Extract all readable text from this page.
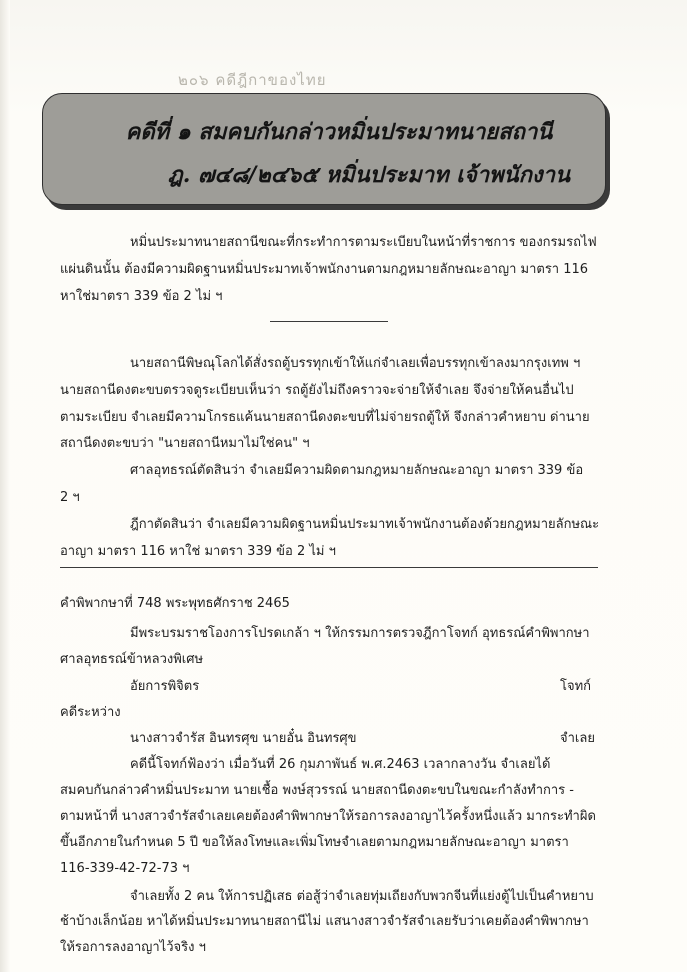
๒๐๖ คดีฎีกาของไทย
คดีที่ ๑ สมคบกันกล่าวหมิ่นประมาทนายสถานี
ฎ. ๗๔๘/๒๔๖๕ หมิ่นประมาท เจ้าพนักงาน
หมิ่นประมาทนายสถานีขณะที่กระทำการตามระเบียบในหน้าที่ราชการ ของกรมรถไฟ
แผ่นดินนั้น ต้องมีความผิดฐานหมิ่นประมาทเจ้าพนักงานตามกฎหมายลักษณะอาญา มาตรา 116
หาใช่มาตรา 339 ข้อ 2 ไม่ ฯ
นายสถานีพิษณุโลกได้สั่งรถตู้บรรทุกเข้าให้แก่จำเลยเพื่อบรรทุกเข้าลงมากรุงเทพ ฯ
นายสถานีดงตะขบตรวจดูระเบียบเห็นว่า รถตู้ยังไม่ถึงคราวจะจ่ายให้จำเลย จึงจ่ายให้คนอื่นไป
ตามระเบียบ จำเลยมีความโกรธแค้นนายสถานีดงตะขบที่ไม่จ่ายรถตู้ให้ จึงกล่าวคำหยาบ ด่านาย
สถานีดงตะขบว่า "นายสถานีหมาไม่ใช่คน" ฯ
ศาลอุทธรณ์ตัดสินว่า จำเลยมีความผิดตามกฎหมายลักษณะอาญา มาตรา 339 ข้อ
2 ฯ
ฎีกาตัดสินว่า จำเลยมีความผิดฐานหมิ่นประมาทเจ้าพนักงานต้องด้วยกฎหมายลักษณะ
อาญา มาตรา 116 หาใช่ มาตรา 339 ข้อ 2 ไม่ ฯ
คำพิพากษาที่ 748 พระพุทธศักราช 2465
มีพระบรมราชโองการโปรดเกล้า ฯ ให้กรรมการตรวจฎีกาโจทก์ อุทธรณ์คำพิพากษา
ศาลอุทธรณ์ข้าหลวงพิเศษ
อัยการพิจิตร	โจทก์
คดีระหว่าง
นางสาวจำรัส อินทรศุข นายอั๋น อินทรศุข	จำเลย
คดีนี้โจทก์ฟ้องว่า เมื่อวันที่ 26 กุมภาพันธ์ พ.ศ.2463 เวลากลางวัน จำเลยได้
สมคบกันกล่าวคำหมิ่นประมาท นายเชื้อ พงษ์สุวรรณ์ นายสถานีดงตะขบในขณะกำลังทำการ -
ตามหน้าที่ นางสาวจำรัสจำเลยเคยต้องคำพิพากษาให้รอการลงอาญาไว้ครั้งหนึ่งแล้ว มากระทำผิด
ขึ้นอีกภายในกำหนด 5 ปี ขอให้ลงโทษและเพิ่มโทษจำเลยตามกฎหมายลักษณะอาญา มาตรา
116-339-42-72-73 ฯ
จำเลยทั้ง 2 คน ให้การปฏิเสธ ต่อสู้ว่าจำเลยทุ่มเถียงกับพวกจีนที่แย่งตู้ไปเป็นคำหยาบ
ช้าบ้างเล็กน้อย หาได้หมิ่นประมาทนายสถานีไม่ แสนางสาวจำรัสจำเลยรับว่าเคยต้องคำพิพากษา
ให้รอการลงอาญาไว้จริง ฯ
